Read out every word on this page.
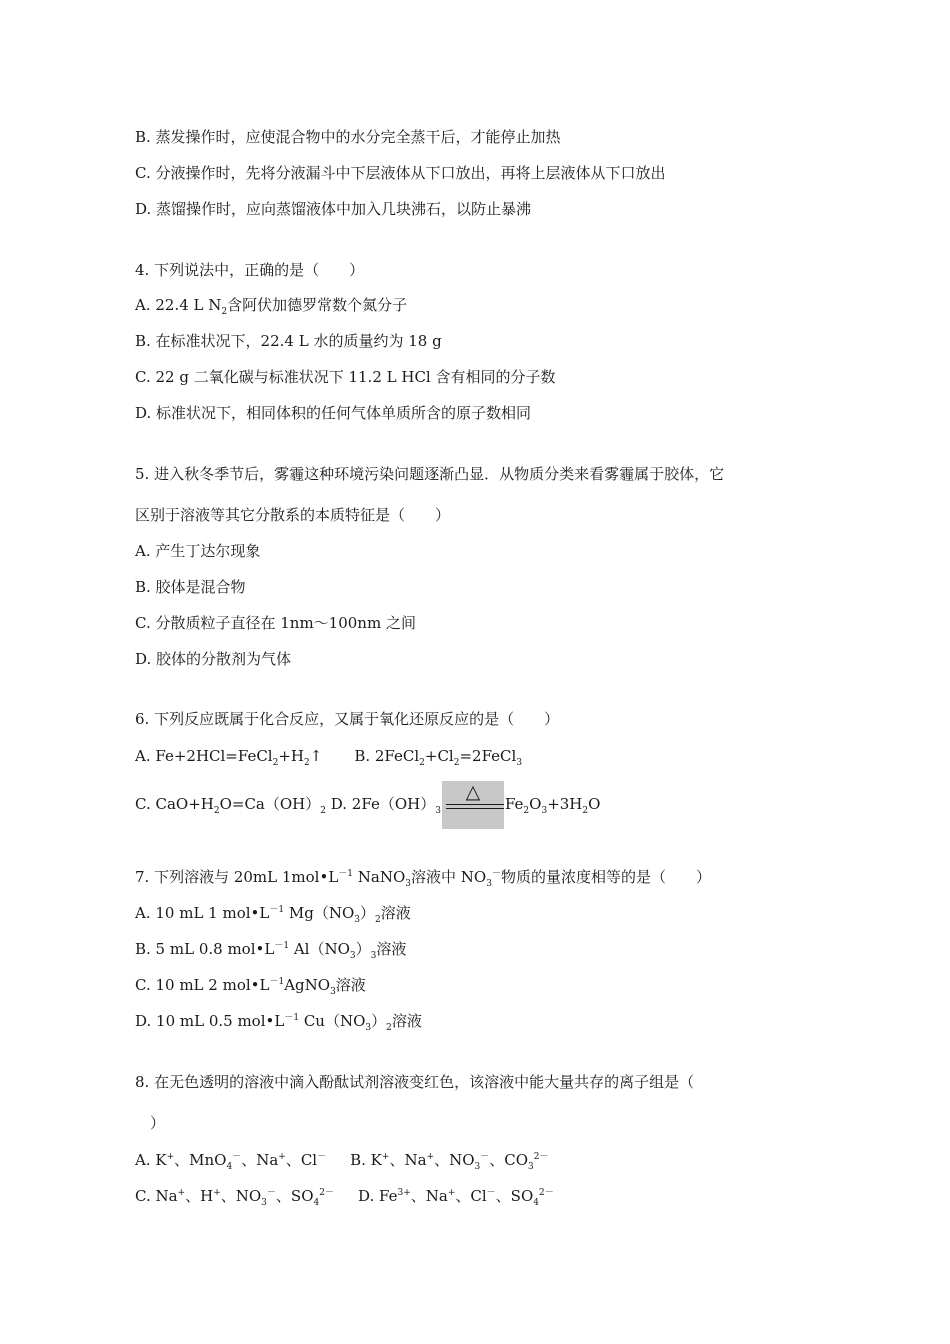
B. 蒸发操作时，应使混合物中的水分完全蒸干后，才能停止加热
C. 分液操作时，先将分液漏斗中下层液体从下口放出，再将上层液体从下口放出
D. 蒸馏操作时，应向蒸馏液体中加入几块沸石，以防止暴沸
4. 下列说法中，正确的是（　　）
A. 22.4 L $N_2$含阿伏加德罗常数个氮分子
B. 在标准状况下，22.4 L 水的质量约为 18 g
C. 22 g 二氧化碳与标准状况下 11.2 L HCl 含有相同的分子数
D. 标准状况下，相同体积的任何气体单质所含的原子数相同
5. 进入秋冬季节后，雾霾这种环境污染问题逐渐凸显．从物质分类来看雾霾属于胶体，它
区别于溶液等其它分散系的本质特征是（　　）
A. 产生丁达尔现象
B. 胶体是混合物
C. 分散质粒子直径在 1nm～100nm 之间
D. 胶体的分散剂为气体
6. 下列反应既属于化合反应，又属于氧化还原反应的是（　　）
A. $Fe+2HCl=FeCl_2+H_2↑$ B. $2FeCl_2+Cl_2=2FeCl_3$
C. $CaO+H_2O=Ca(OH)_2$ D. $2Fe(OH)_3$
△
$Fe_2O_3+3H_2O$
7. 下列溶液与 20mL $1mol•L^{-1}$ NaNO$_3$溶液中 $NO_3^-$物质的量浓度相等的是（　　）
A. 10 mL 1 $mol•L^{-1}$ $Mg(NO_3)_2$溶液
B. 5 mL 0.8 $mol•L^{-1}$ $Al(NO_3)_3$溶液
C. 10 mL 2 $mol•L^{-1}AgNO_3$溶液
D. 10 mL 0.5 $mol•L^{-1}$ $Cu(NO_3)_2$溶液
8. 在无色透明的溶液中滴入酚酞试剂溶液变红色，该溶液中能大量共存的离子组是（
）
A. K+、MnO$_4$－、Na+、Cl－ B. K+、Na+、$NO_3^-$、$CO_3^{2-}$
C. Na+、H+、$NO_3^-$、$SO_4^{2-}$ D. $Fe^{3+}$、Na+、Cl－、$SO_4^{2-}$
